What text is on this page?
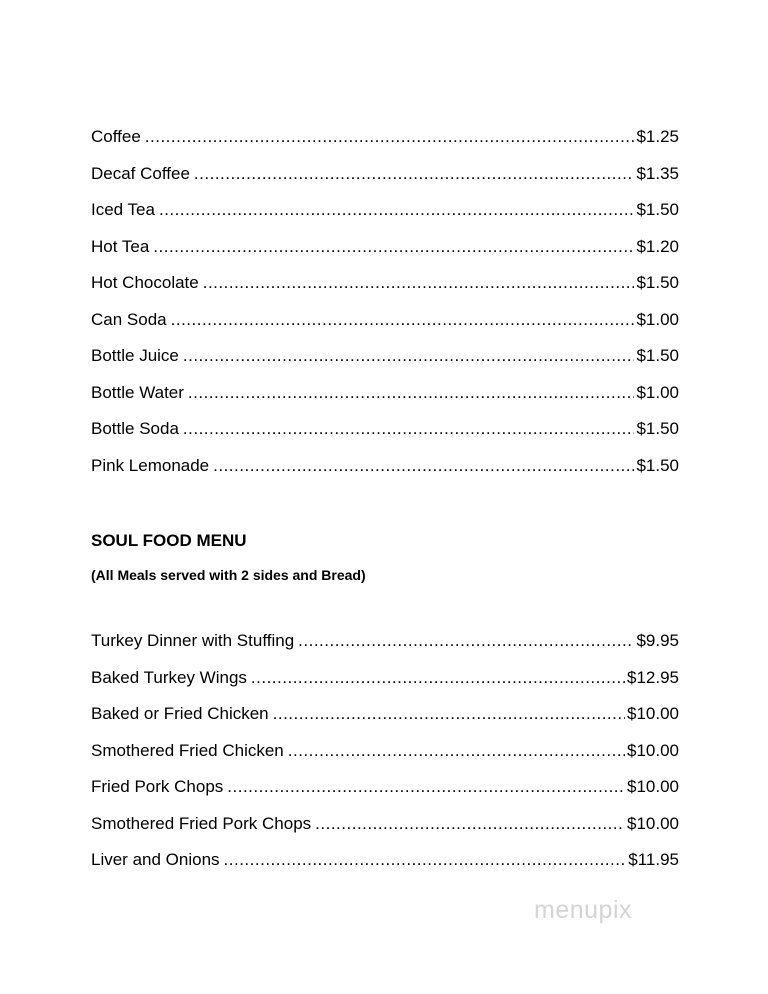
Coffee .....	$1.25
Decaf Coffee .....	$1.35
Iced Tea .....	$1.50
Hot Tea .....	$1.20
Hot Chocolate .....	$1.50
Can Soda .....	$1.00
Bottle Juice .....	$1.50
Bottle Water .....	$1.00
Bottle Soda .....	$1.50
Pink Lemonade .....	$1.50
SOUL FOOD MENU
(All Meals served with 2 sides and Bread)
Turkey Dinner with Stuffing .....	$9.95
Baked Turkey Wings .....	$12.95
Baked or Fried Chicken .....	$10.00
Smothered Fried Chicken .....	$10.00
Fried Pork Chops .....	$10.00
Smothered Fried Pork Chops .....	$10.00
Liver and Onions .....	$11.95
menupix
